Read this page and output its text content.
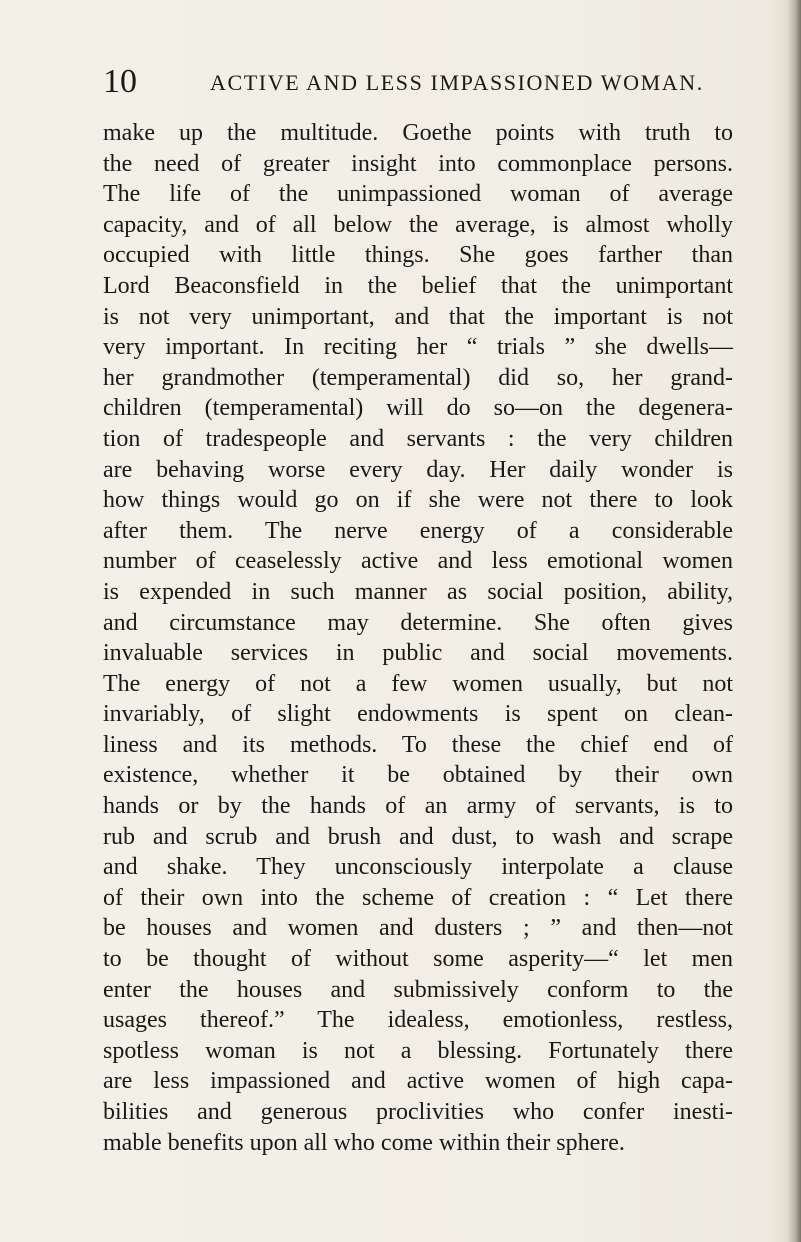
10	ACTIVE AND LESS IMPASSIONED WOMAN.
make up the multitude. Goethe points with truth to
the need of greater insight into commonplace persons.
The life of the unimpassioned woman of average
capacity, and of all below the average, is almost wholly
occupied with little things. She goes farther than
Lord Beaconsfield in the belief that the unimportant
is not very unimportant, and that the important is not
very important. In reciting her “ trials ” she dwells—
her grandmother (temperamental) did so, her grand-
children (temperamental) will do so—on the degenera-
tion of tradespeople and servants : the very children
are behaving worse every day. Her daily wonder is
how things would go on if she were not there to look
after them. The nerve energy of a considerable
number of ceaselessly active and less emotional women
is expended in such manner as social position, ability,
and circumstance may determine. She often gives
invaluable services in public and social movements.
The energy of not a few women usually, but not
invariably, of slight endowments is spent on clean-
liness and its methods. To these the chief end of
existence, whether it be obtained by their own
hands or by the hands of an army of servants, is to
rub and scrub and brush and dust, to wash and scrape
and shake. They unconsciously interpolate a clause
of their own into the scheme of creation : “ Let there
be houses and women and dusters ; ” and then—not
to be thought of without some asperity—“ let men
enter the houses and submissively conform to the
usages thereof.” The idealess, emotionless, restless,
spotless woman is not a blessing. Fortunately there
are less impassioned and active women of high capa-
bilities and generous proclivities who confer inesti-
mable benefits upon all who come within their sphere.
